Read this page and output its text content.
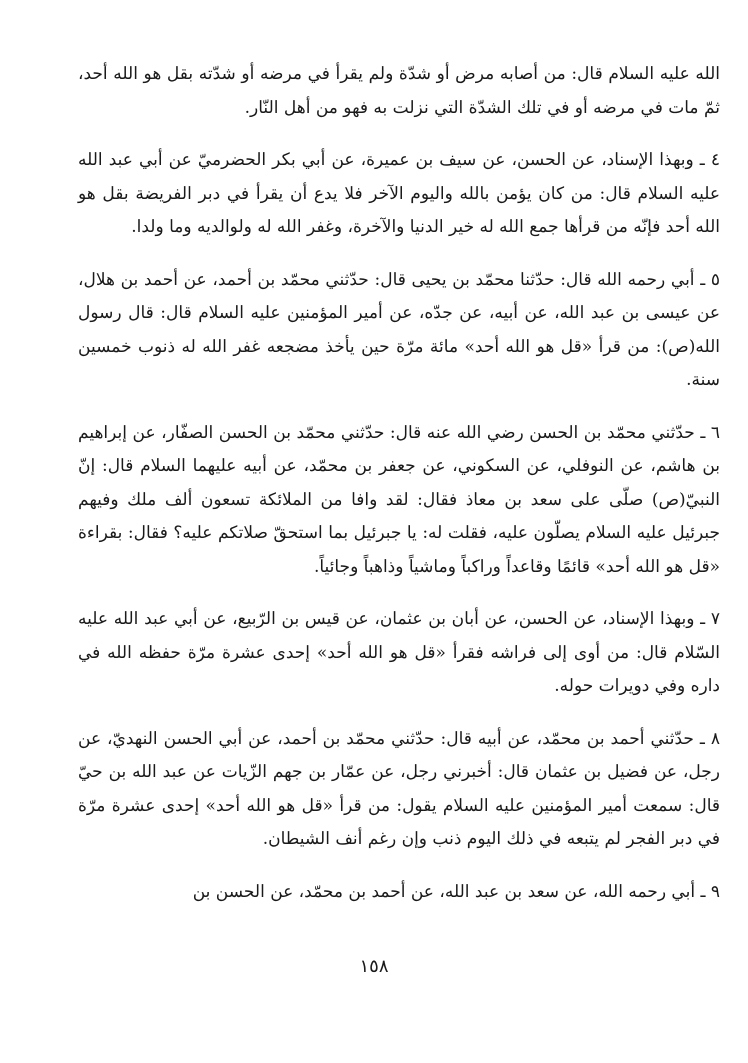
الله عليه السلام قال: من أصابه مرض أو شدّة ولم يقرأ في مرضه أو شدّته بقل هو الله أحد، ثمّ مات في مرضه أو في تلك الشدّة التي نزلت به فهو من أهل النّار.

٤ ـ وبهذا الإسناد، عن الحسن، عن سيف بن عميرة، عن أبي بكر الحضرميّ عن أبي عبد الله عليه السلام قال: من كان يؤمن بالله واليوم الآخر فلا يدع أن يقرأ في دبر الفريضة بقل هو الله أحد فإنّه من قرأها جمع الله له خير الدنيا والآخرة، وغفر الله له ولوالديه وما ولدا.

٥ ـ أبي رحمه الله قال: حدّثنا محمّد بن يحيى قال: حدّثني محمّد بن أحمد، عن أحمد بن هلال، عن عيسى بن عبد الله، عن أبيه، عن جدّه، عن أمير المؤمنين عليه السلام قال: قال رسول الله(ص): من قرأ «قل هو الله أحد» مائة مرّة حين يأخذ مضجعه غفر الله له ذنوب خمسين سنة.

٦ ـ حدّثني محمّد بن الحسن رضي الله عنه قال: حدّثني محمّد بن الحسن الصفّار، عن إبراهيم بن هاشم، عن النوفلي، عن السكوني، عن جعفر بن محمّد، عن أبيه عليهما السلام قال: إنّ النبيّ(ص) صلّى على سعد بن معاذ فقال: لقد وافا من الملائكة تسعون ألف ملك وفيهم جبرئيل عليه السلام يصلّون عليه، فقلت له: يا جبرئيل بما استحقّ صلاتكم عليه؟ فقال: بقراءة «قل هو الله أحد» قائمًا وقاعداً وراكباً وماشياً وذاهباً وجائياً.

٧ ـ وبهذا الإسناد، عن الحسن، عن أبان بن عثمان، عن قيس بن الرّبيع، عن أبي عبد الله عليه السّلام قال: من أوى إلى فراشه فقرأ «قل هو الله أحد» إحدى عشرة مرّة حفظه الله في داره وفي دويرات حوله.

٨ ـ حدّثني أحمد بن محمّد، عن أبيه قال: حدّثني محمّد بن أحمد، عن أبي الحسن النهديّ، عن رجل، عن فضيل بن عثمان قال: أخبرني رجل، عن عمّار بن جهم الزّيات عن عبد الله بن حيّ قال: سمعت أمير المؤمنين عليه السلام يقول: من قرأ «قل هو الله أحد» إحدى عشرة مرّة في دبر الفجر لم يتبعه في ذلك اليوم ذنب وإن رغم أنف الشيطان.

٩ ـ أبي رحمه الله، عن سعد بن عبد الله، عن أحمد بن محمّد، عن الحسن بن

١٥٨
